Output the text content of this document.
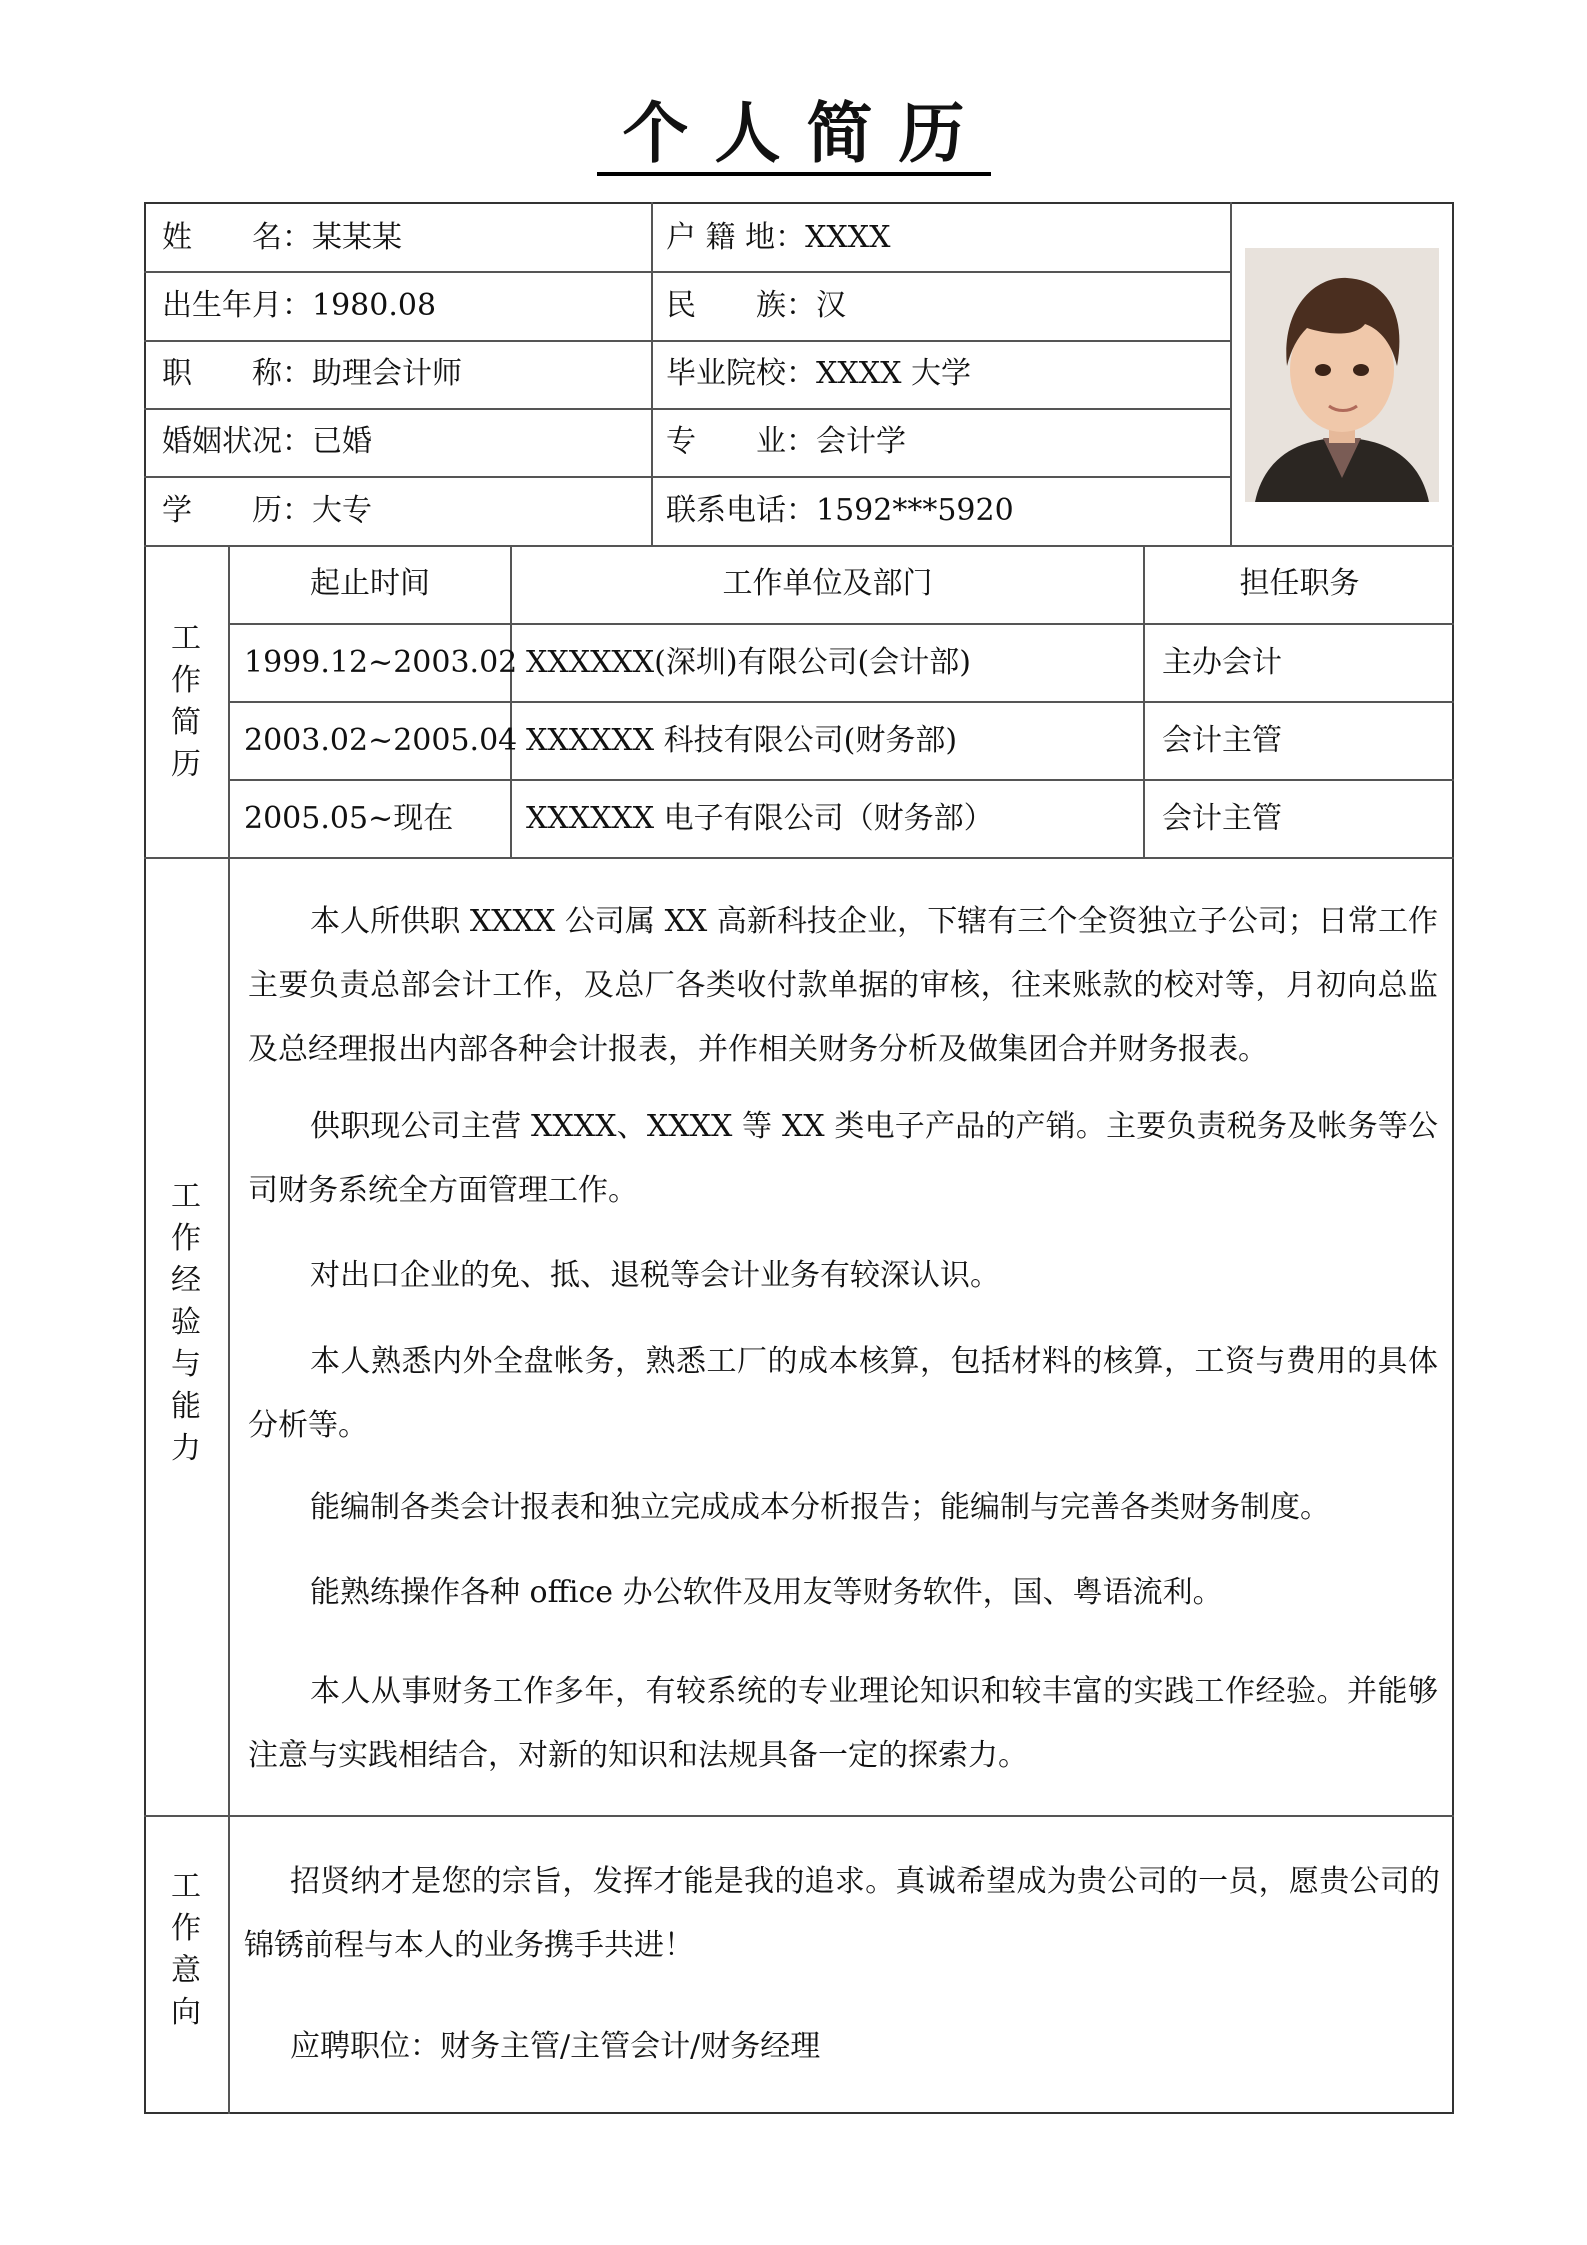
个人简历
姓　　名：某某某	户 籍 地：XXXX
出生年月：1980.08	民　　族：汉
职　　称：助理会计师	毕业院校：XXXX 大学
婚姻状况：已婚	专　　业：会计学
学　　历：大专	联系电话：1592***5920
工
作
简
历
起止时间	工作单位及部门	担任职务
1999.12~2003.02 XXXXXX(深圳)有限公司(会计部)	主办会计
2003.02~2005.04 XXXXXX 科技有限公司(财务部)	会计主管
2005.05~现在 XXXXXX 电子有限公司（财务部）	会计主管
工
作
经
验
与
能
力
本人所供职 XXXX 公司属 XX 高新科技企业，下辖有三个全资独立子公司；日常工作主要负责总部会计工作，及总厂各类收付款单据的审核，往来账款的校对等，月初向总监及总经理报出内部各种会计报表，并作相关财务分析及做集团合并财务报表。
供职现公司主营 XXXX、XXXX 等 XX 类电子产品的产销。主要负责税务及帐务等公司财务系统全方面管理工作。
对出口企业的免、抵、退税等会计业务有较深认识。
本人熟悉内外全盘帐务，熟悉工厂的成本核算，包括材料的核算，工资与费用的具体分析等。
能编制各类会计报表和独立完成成本分析报告；能编制与完善各类财务制度。
能熟练操作各种 office 办公软件及用友等财务软件，国、粤语流利。
本人从事财务工作多年，有较系统的专业理论知识和较丰富的实践工作经验。并能够注意与实践相结合，对新的知识和法规具备一定的探索力。
工
作
意
向
招贤纳才是您的宗旨，发挥才能是我的追求。真诚希望成为贵公司的一员，愿贵公司的锦锈前程与本人的业务携手共进！
应聘职位：财务主管/主管会计/财务经理
